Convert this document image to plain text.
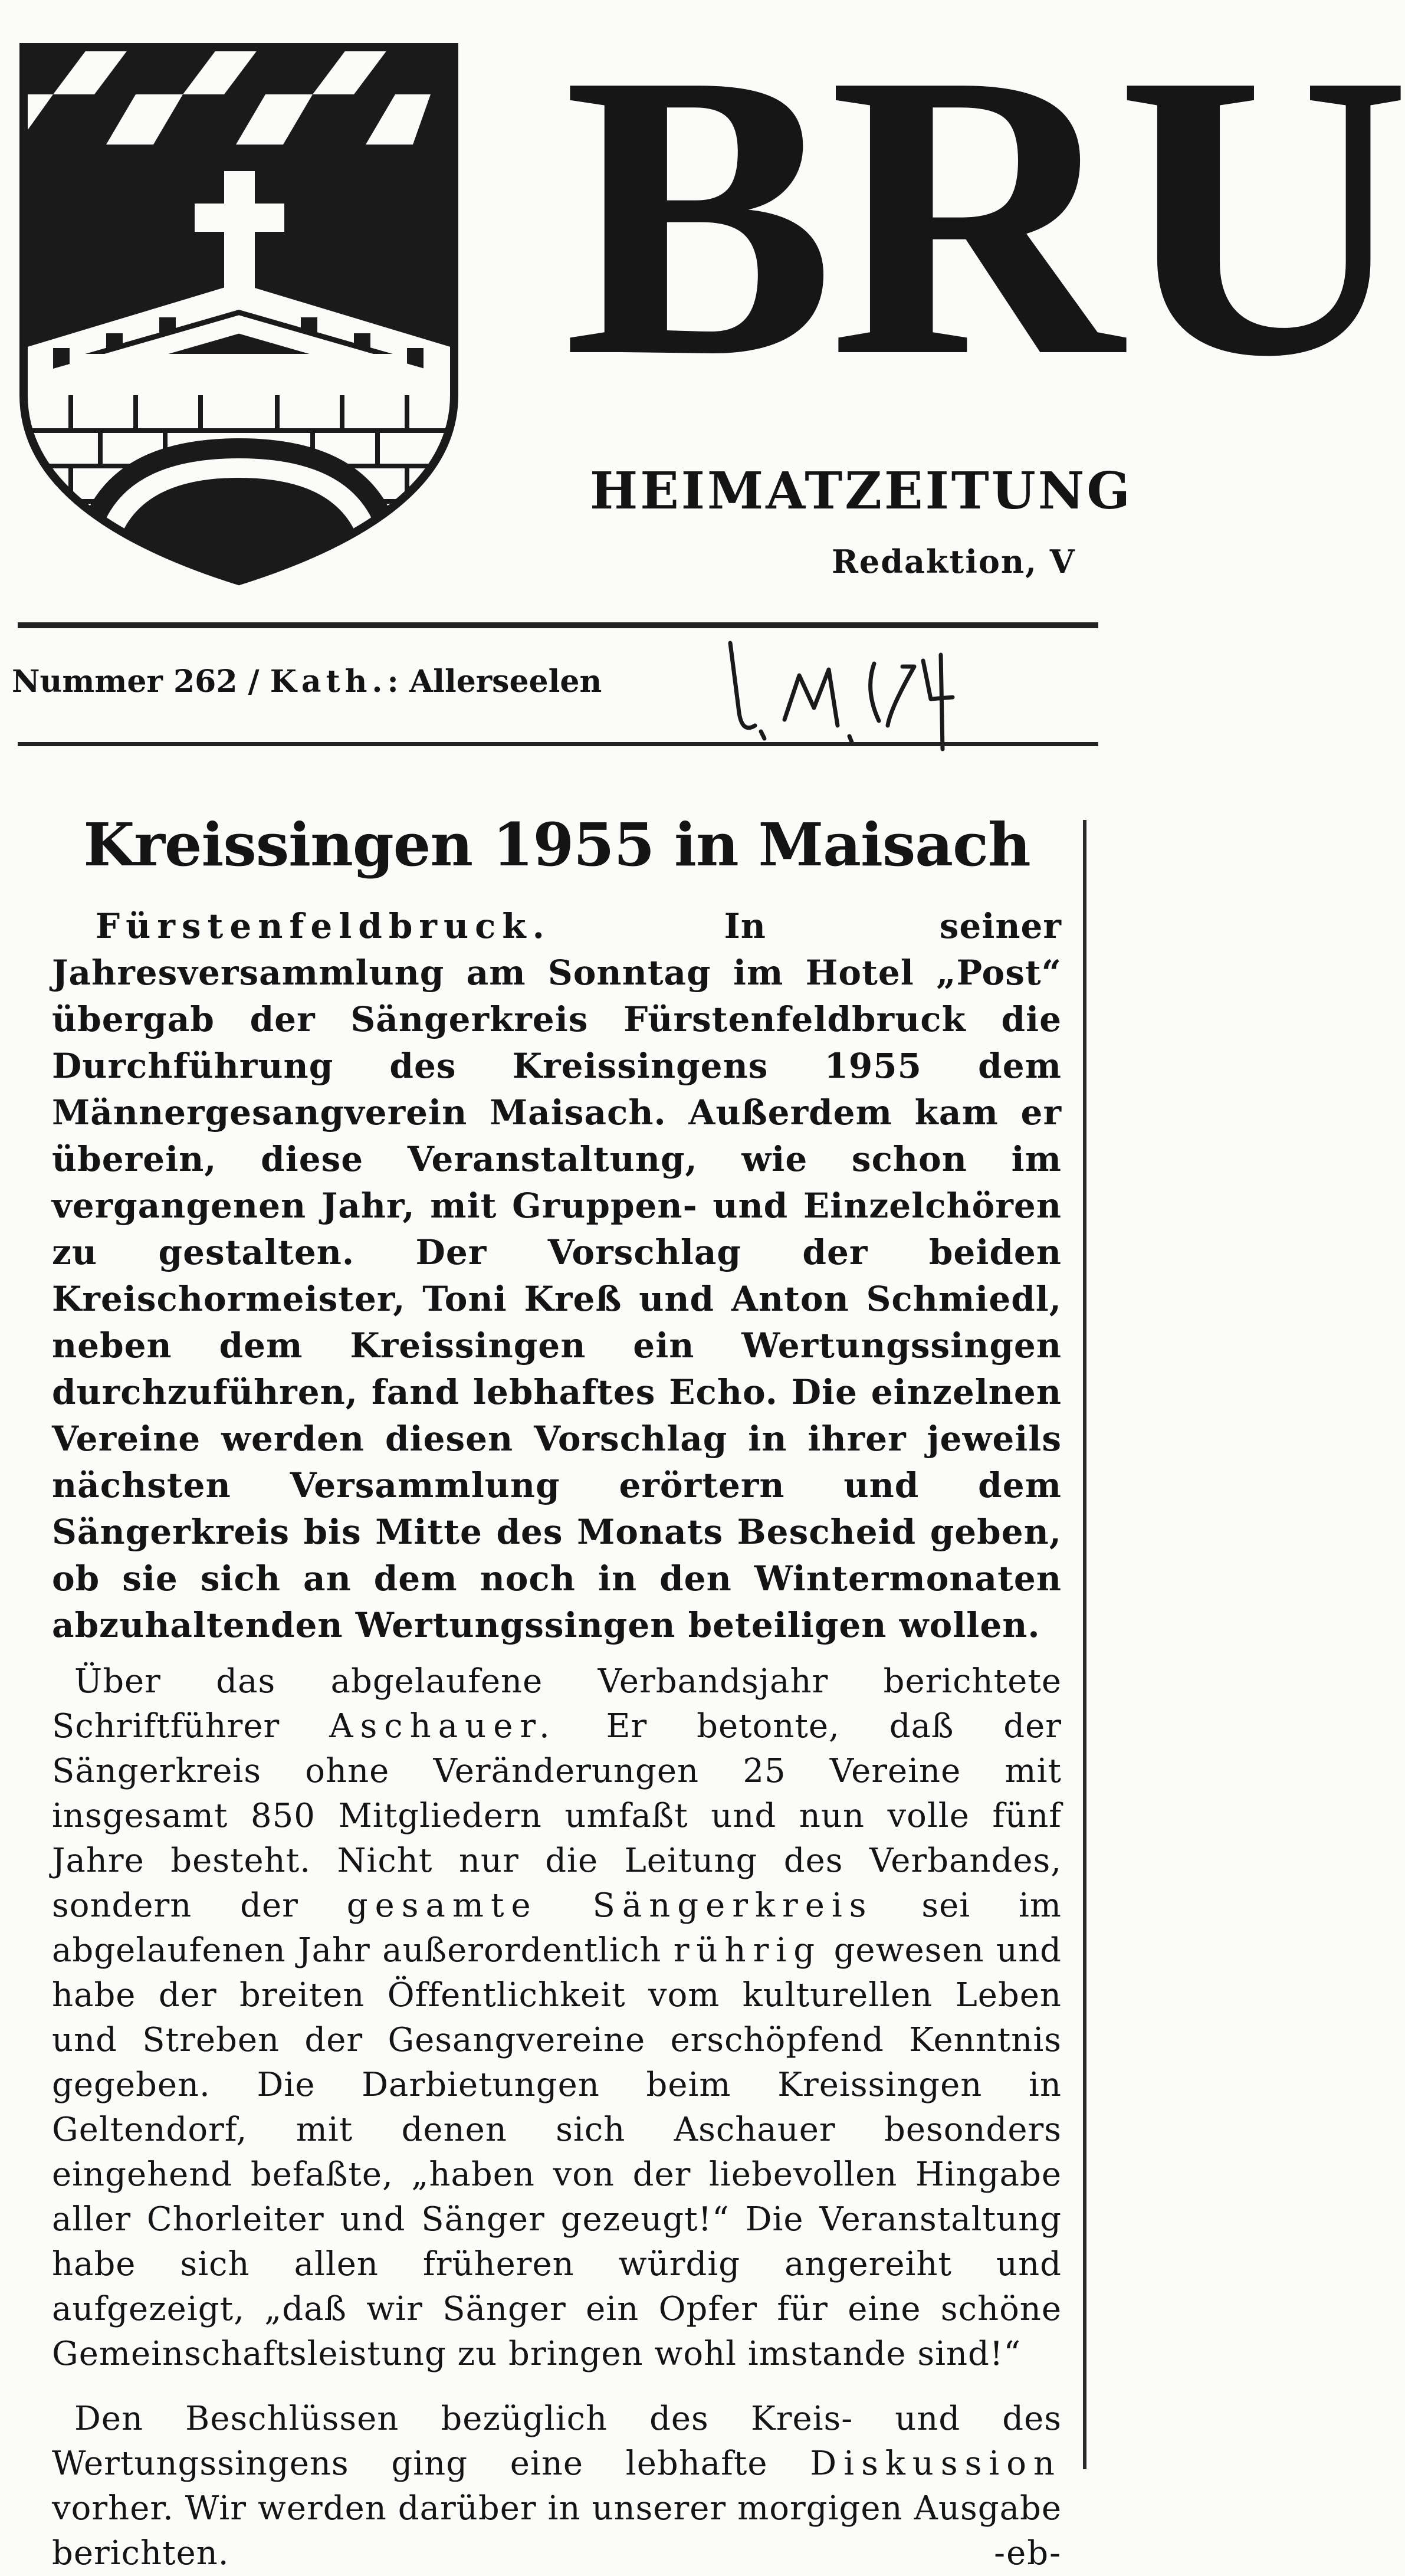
BRU

HEIMATZEITUNG

Redaktion, V

Nummer 262 / Kath.: Allerseelen

Kreissingen 1955 in Maisach

Fürstenfeldbruck.	In seiner Jahresversammlung am Sonntag im Hotel „Post“ übergab der Sängerkreis Fürstenfeldbruck die Durchführung des Kreissingens 1955 dem Männergesangverein Maisach. Außerdem kam er überein, diese Veranstaltung, wie schon im vergangenen Jahr, mit Gruppen- und Einzelchören zu gestalten. Der Vorschlag der beiden Kreischormeister, Toni Kreß und Anton Schmiedl, neben dem Kreissingen ein Wertungssingen durchzuführen, fand lebhaftes Echo. Die einzelnen Vereine werden diesen Vorschlag in ihrer jeweils nächsten Versammlung erörtern und dem Sängerkreis bis Mitte des Monats Bescheid geben, ob sie sich an dem noch in den Wintermonaten abzuhaltenden Wertungssingen beteiligen wollen.

Über das abgelaufene Verbandsjahr berichtete Schriftführer Aschauer. Er betonte, daß der Sängerkreis ohne Veränderungen 25 Vereine mit insgesamt 850 Mitgliedern umfaßt und nun volle fünf Jahre besteht. Nicht nur die Leitung des Verbandes, sondern der gesamte Sängerkreis sei im abgelaufenen Jahr außerordentlich rührig gewesen und habe der breiten Öffentlichkeit vom kulturellen Leben und Streben der Gesangvereine erschöpfend Kenntnis gegeben. Die Darbietungen beim Kreissingen in Geltendorf, mit denen sich Aschauer besonders eingehend befaßte, „haben von der liebevollen Hingabe aller Chorleiter und Sänger gezeugt!“ Die Veranstaltung habe sich allen früheren würdig angereiht und aufgezeigt, „daß wir Sänger ein Opfer für eine schöne Gemeinschaftsleistung zu bringen wohl imstande sind!“

Den Beschlüssen bezüglich des Kreis- und des Wertungssingens ging eine lebhafte Diskussion vorher. Wir werden darüber in unserer morgigen Ausgabe berichten.	-eb-
